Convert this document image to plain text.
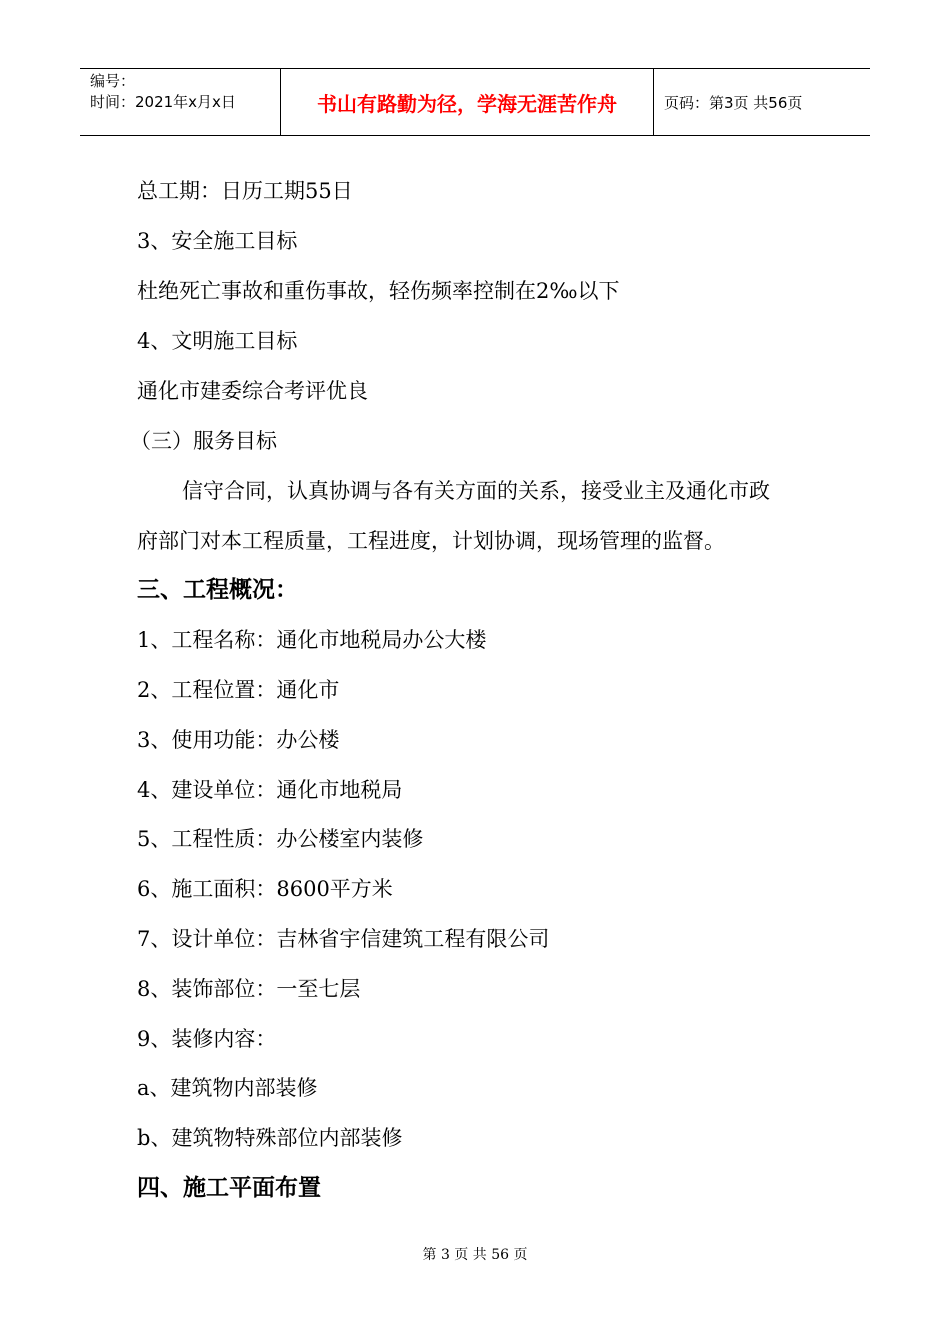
编号：
时间：2021年x月x日	书山有路勤为径，学海无涯苦作舟	页码：第3页 共56页
总工期：日历工期55日
3、安全施工目标
杜绝死亡事故和重伤事故，轻伤频率控制在2‰以下
4、文明施工目标
通化市建委综合考评优良
（三）服务目标
信守合同，认真协调与各有关方面的关系，接受业主及通化市政
府部门对本工程质量，工程进度，计划协调，现场管理的监督。
三、工程概况：
1、工程名称：通化市地税局办公大楼
2、工程位置：通化市
3、使用功能：办公楼
4、建设单位：通化市地税局
5、工程性质：办公楼室内装修
6、施工面积：8600平方米
7、设计单位：吉林省宇信建筑工程有限公司
8、装饰部位：一至七层
9、装修内容：
a、建筑物内部装修
b、建筑物特殊部位内部装修
四、施工平面布置
第 3 页 共 56 页
